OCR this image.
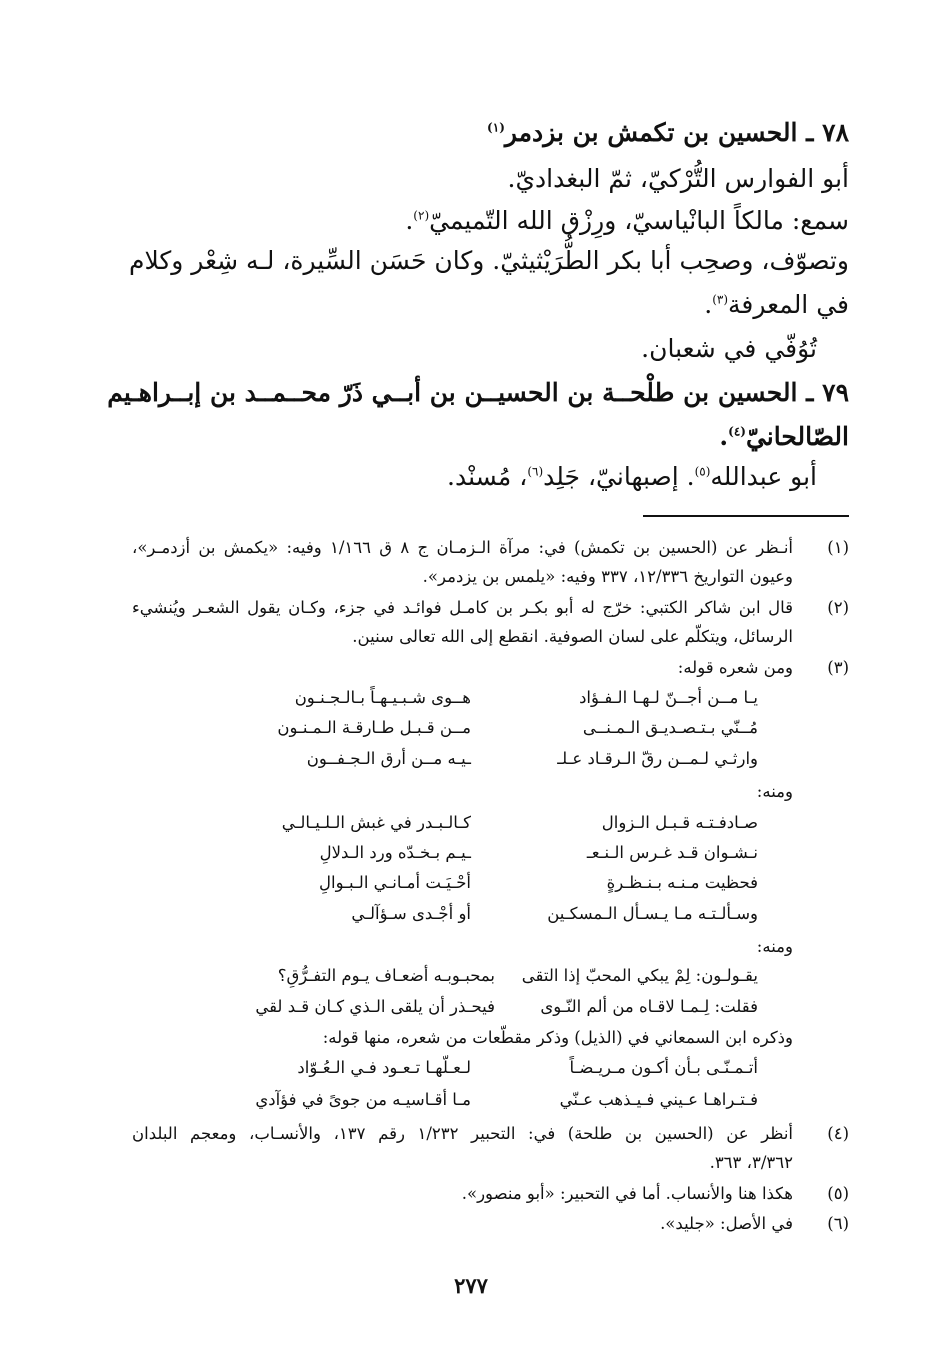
٧٨ ـ الحسين بن تكمش بن بزدمر$^{(١)}$
أبو الفوارس التُّرْكيّ، ثمّ البغداديّ.
سمع: مالكاً البانْياسيّ، ورِزْق الله التّميميّ$^{(٢)}$.
وتصوّف، وصحِب أبا بكر الطُّرَيْثيثيّ. وكان حَسَن السِّيرة، لـه شِعْر وكلام
في المعرفة$^{(٣)}$.
تُوُفّي في شعبان.
٧٩ ـ الحسين بن طلْحــة بن الحسيــن بن أبــي ذَرّ محــمــد بن إبــراهـيم
الصّالحانيّ$^{(٤)}$.
أبو عبدالله$^{(٥)}$. إصبهانيّ، جَلِد$^{(٦)}$، مُسنْد.
(١)
أنـظر عن (الحسين بن تكمش) في: مرآة الـزمـان ج ٨ ق ١/١٦٦ وفيه: «يكمش بن أزدمـر»،
وعيون التواريخ ١٢/٣٣٦، ٣٣٧ وفيه: «يلمس بن يزدمر».
(٢)
قال ابن شاكر الكتبي: خرّج له أبو بكـر بن كامـل فوائـد في جزء، وكـان يقول الشعـر ويُنشيء
الرسائل، ويتكلّم على لسان الصوفية. انقطع إلى الله تعالى سنين.
(٣)
ومن شعره قوله:
يـا مــن أجــنّ لـهـا الـفـؤاد
هــوى شـبـيـهـاً بـالـجـنـون
مُــنّي بـتـصـديـق الـمـنــى
مــن قـبـل طـارقـة الـمـنـون
وارثـي لـمــن رقّ الـرقـاد عـلـ
ـيـه مــن أرق الـجـفــون
ومنه:
صـادفـتـه قـبـل الـزوال
كـالـبـدر في غبش الـلـيـالـي
نـشـوان قـد غـرس الـنـعـ
ـيـم بـخـدّه ورد الـدلالِ
فحظيت مـنـه بـنـظـرةٍ
أحْـيَـت أمـانـي الـبـوالِ
وسـألـتـه مـا يـسـأل الـمسكـين
أو أجْـدى سـؤآلـي
ومنه:
يقـولـون: لِمْ يبكي المحبّ إذا التقى
بمحبـوبـه أضعـاف يـوم التفـرُّقِ؟
فقلت: لِـمـا لاقـاه من ألم النّـوى
فيحـذر أن يلقى الـذي كـان قـد لقي
وذكره ابن السمعاني في (الذيل) وذكر مقطّعات من شعره، منها قوله:
أتـمـنّـى بـأن أكـون مـريـضـاً
لـعـلّهـا تـعـود فـي الـعُـوّاد
فـتـراهـا عـيني فـيـذهب عـنّي
مـا أقـاسيـه من جوىً في فؤآدي
(٤)
أنظر عن (الحسين بن طلحة) في: التحبير ١/٢٣٢ رقم ١٣٧، والأنسـاب، ومعجم البلدان
٣/٣٦٢، ٣٦٣.
(٥)
هكذا هنا والأنساب. أما في التحبير: «أبو منصور».
(٦)
في الأصل: «جليد».
٢٧٧
